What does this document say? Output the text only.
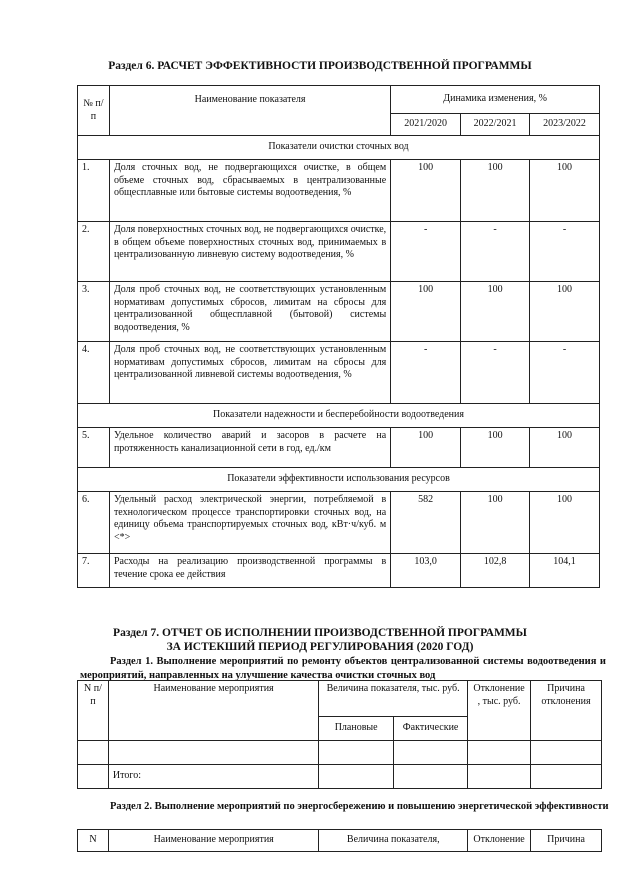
Раздел 6. РАСЧЕТ ЭФФЕКТИВНОСТИ ПРОИЗВОДСТВЕННОЙ ПРОГРАММЫ
№ п/п	Наименование показателя	Динамика изменения, %		
		2021/2020	2022/2021	2023/2022
Показатели очистки сточных вод				
1.	Доля сточных вод, не подвергающихся очистке, в общем объеме сточных вод, сбрасываемых в централизованные общесплавные или бытовые системы водоотведения, %	100	100	100
2.	Доля поверхностных сточных вод, не подвергающихся очистке, в общем объеме поверхностных сточных вод, принимаемых в централизованную ливневую систему водоотведения, %	-	-	-
3.	Доля проб сточных вод, не соответствующих установленным нормативам допустимых сбросов, лимитам на сбросы для централизованной общесплавной (бытовой) системы водоотведения, %	100	100	100
4.	Доля проб сточных вод, не соответствующих установленным нормативам допустимых сбросов, лимитам на сбросы для централизованной ливневой системы водоотведения, %	-	-	-
Показатели надежности и бесперебойности водоотведения				
5.	Удельное количество аварий и засоров в расчете на протяженность канализационной сети в год, ед./км	100	100	100
Показатели эффективности использования ресурсов				
6.	Удельный расход электрической энергии, потребляемой в технологическом процессе транспортировки сточных вод, на единицу объема транспортируемых сточных вод, кВт·ч/куб. м <*>	582	100	100
7.	Расходы на реализацию производственной программы в течение срока ее действия	103,0	102,8	104,1
Раздел 7. ОТЧЕТ ОБ ИСПОЛНЕНИИ ПРОИЗВОДСТВЕННОЙ ПРОГРАММЫ
ЗА ИСТЕКШИЙ ПЕРИОД РЕГУЛИРОВАНИЯ (2020 ГОД)

Раздел 1. Выполнение мероприятий по ремонту объектов централизованной системы водоотведения и мероприятий, направленных на улучшение качества очистки сточных вод

N п/п	Наименование мероприятия	Величина показателя, тыс. руб.		Отклонение , тыс. руб.	Причина отклонения
		Плановые	Фактические		

	Итого:				

Раздел 2. Выполнение мероприятий по энергосбережению и повышению энергетической эффективности

N	Наименование мероприятия	Величина показателя,	Отклонение	Причина
